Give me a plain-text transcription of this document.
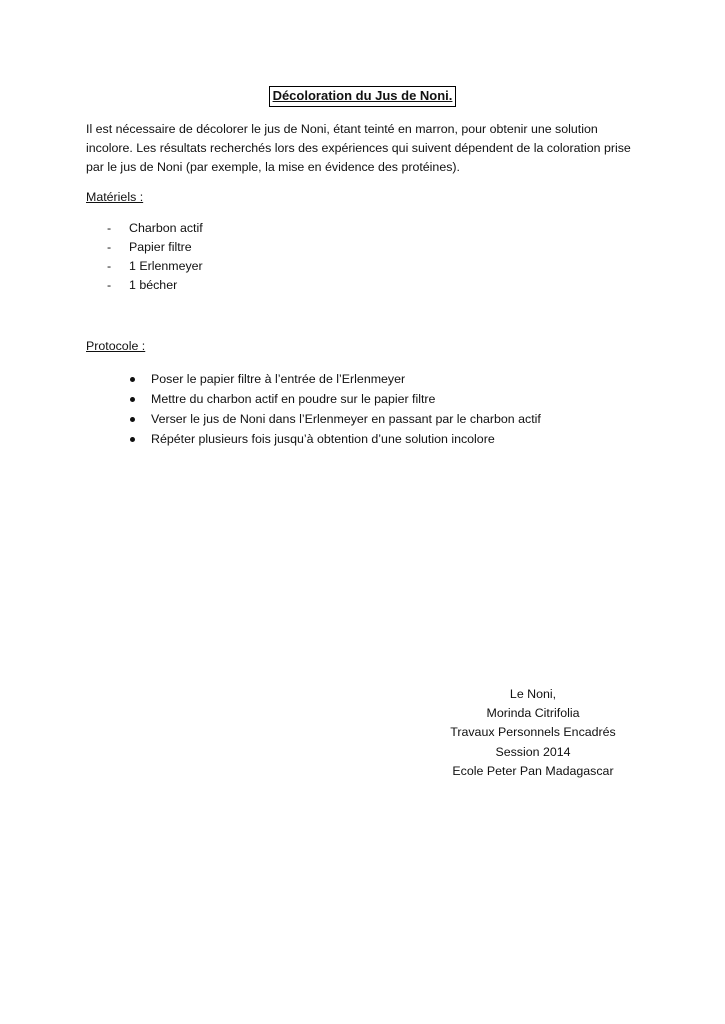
Décoloration du Jus de Noni.

Il est nécessaire de décolorer le jus de Noni, étant teinté en marron, pour obtenir une solution incolore. Les résultats recherchés lors des expériences qui suivent dépendent de la coloration prise par le jus de Noni (par exemple, la mise en évidence des protéines).

Matériels :
-	Charbon actif
-	Papier filtre
-	1 Erlenmeyer
-	1 bécher
Protocole :
Poser le papier filtre à l’entrée de l’Erlenmeyer
Mettre du charbon actif en poudre sur le papier filtre
Verser le jus de Noni dans l’Erlenmeyer en passant par le charbon actif
Répéter plusieurs fois jusqu’à obtention d’une solution incolore
Le Noni,
Morinda Citrifolia
Travaux Personnels Encadrés
Session 2014
Ecole Peter Pan Madagascar
